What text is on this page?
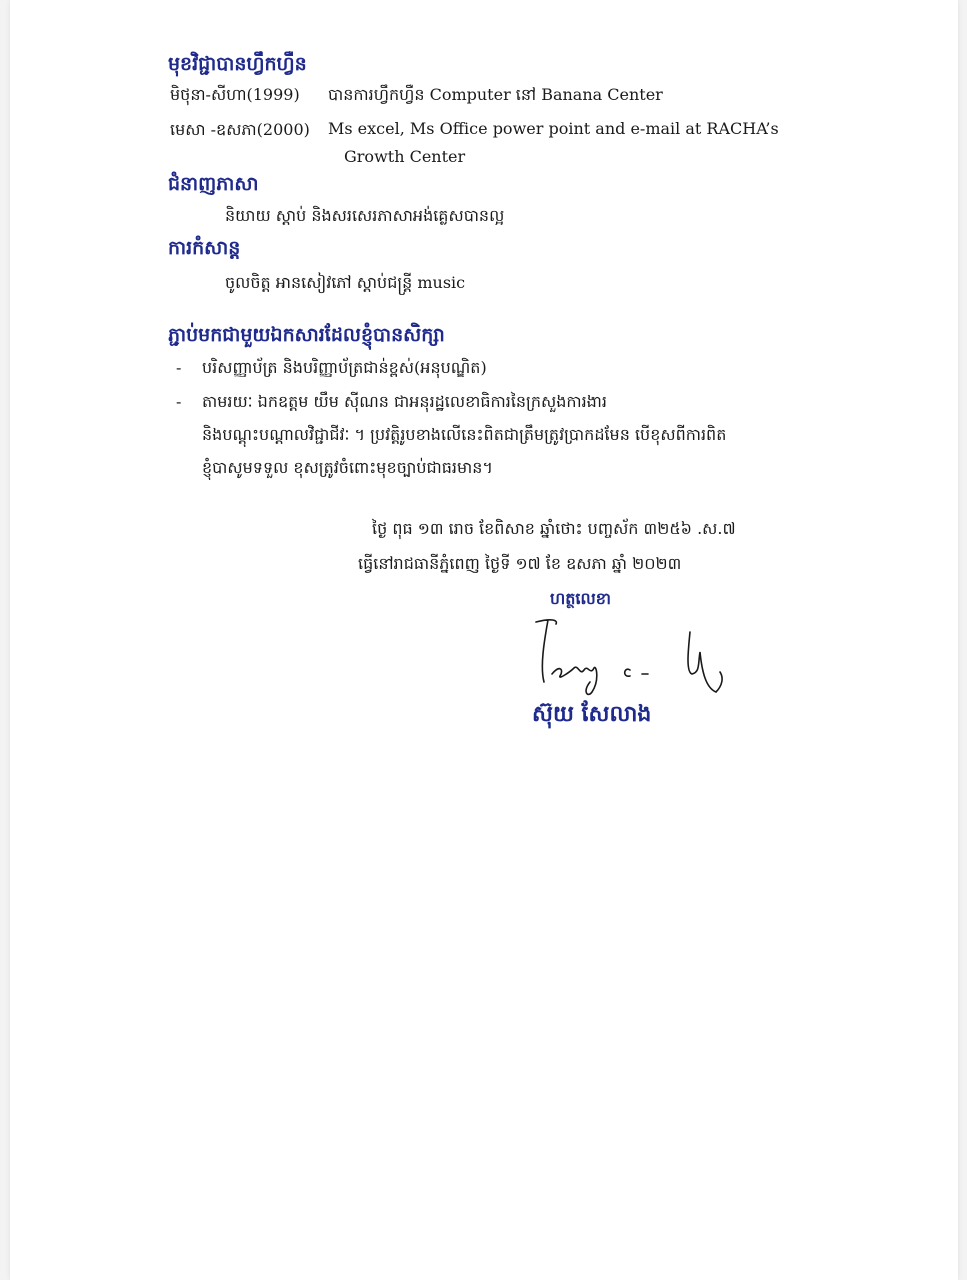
មុខវិជ្ជាបានហ្វឹកហ្វឺន
មិថុនា-សីហា(1999) បានការហ្វឹកហ្វឺន Computer នៅ Banana Center
មេសា -ឧសភា(2000) Ms excel, Ms Office power point and e-mail at RACHA’s
Growth Center
ជំនាញភាសា
និយាយ ស្តាប់ និងសរសេរភាសាអង់គ្លេសបានល្អ
ការកំសាន្ត
ចូលចិត្ត អានសៀវភៅ ស្តាប់ជន្ត្រី music
ភ្ជាប់មកជាមួយឯកសារដែលខ្ញុំបានសិក្សា
- បរិសញ្ញាប័ត្រ និងបរិញ្ញាប័ត្រជាន់ខ្ពស់(អនុបណ្ឌិត)
- តាមរយៈ ឯកឧត្តម យឹម ស៊ីណន ជាអនុរដ្ឋលេខាធិការនៃក្រសួងការងារ
និងបណ្តុះបណ្តាលវិជ្ជាជីវៈ ។ ប្រវត្តិរូបខាងលើនេះពិតជាត្រឹមត្រូវប្រាកដមែន បើខុសពីការពិត
ខ្ញុំបាសូមទទួល ខុសត្រូវចំពោះមុខច្បាប់ជាធរមាន។
ថ្ងៃ ពុធ ១៣ រោច ខែពិសាខ ឆ្នាំថោះ បញ្ចស័ក ៣២៥៦ .ស.៧
ធ្វើនៅរាជធានីភ្នំពេញ ថ្ងៃទី ១៧ ខែ ឧសភា ឆ្នាំ ២០២៣
ហត្ថលេខា
ស៊ុយ សែលាង
